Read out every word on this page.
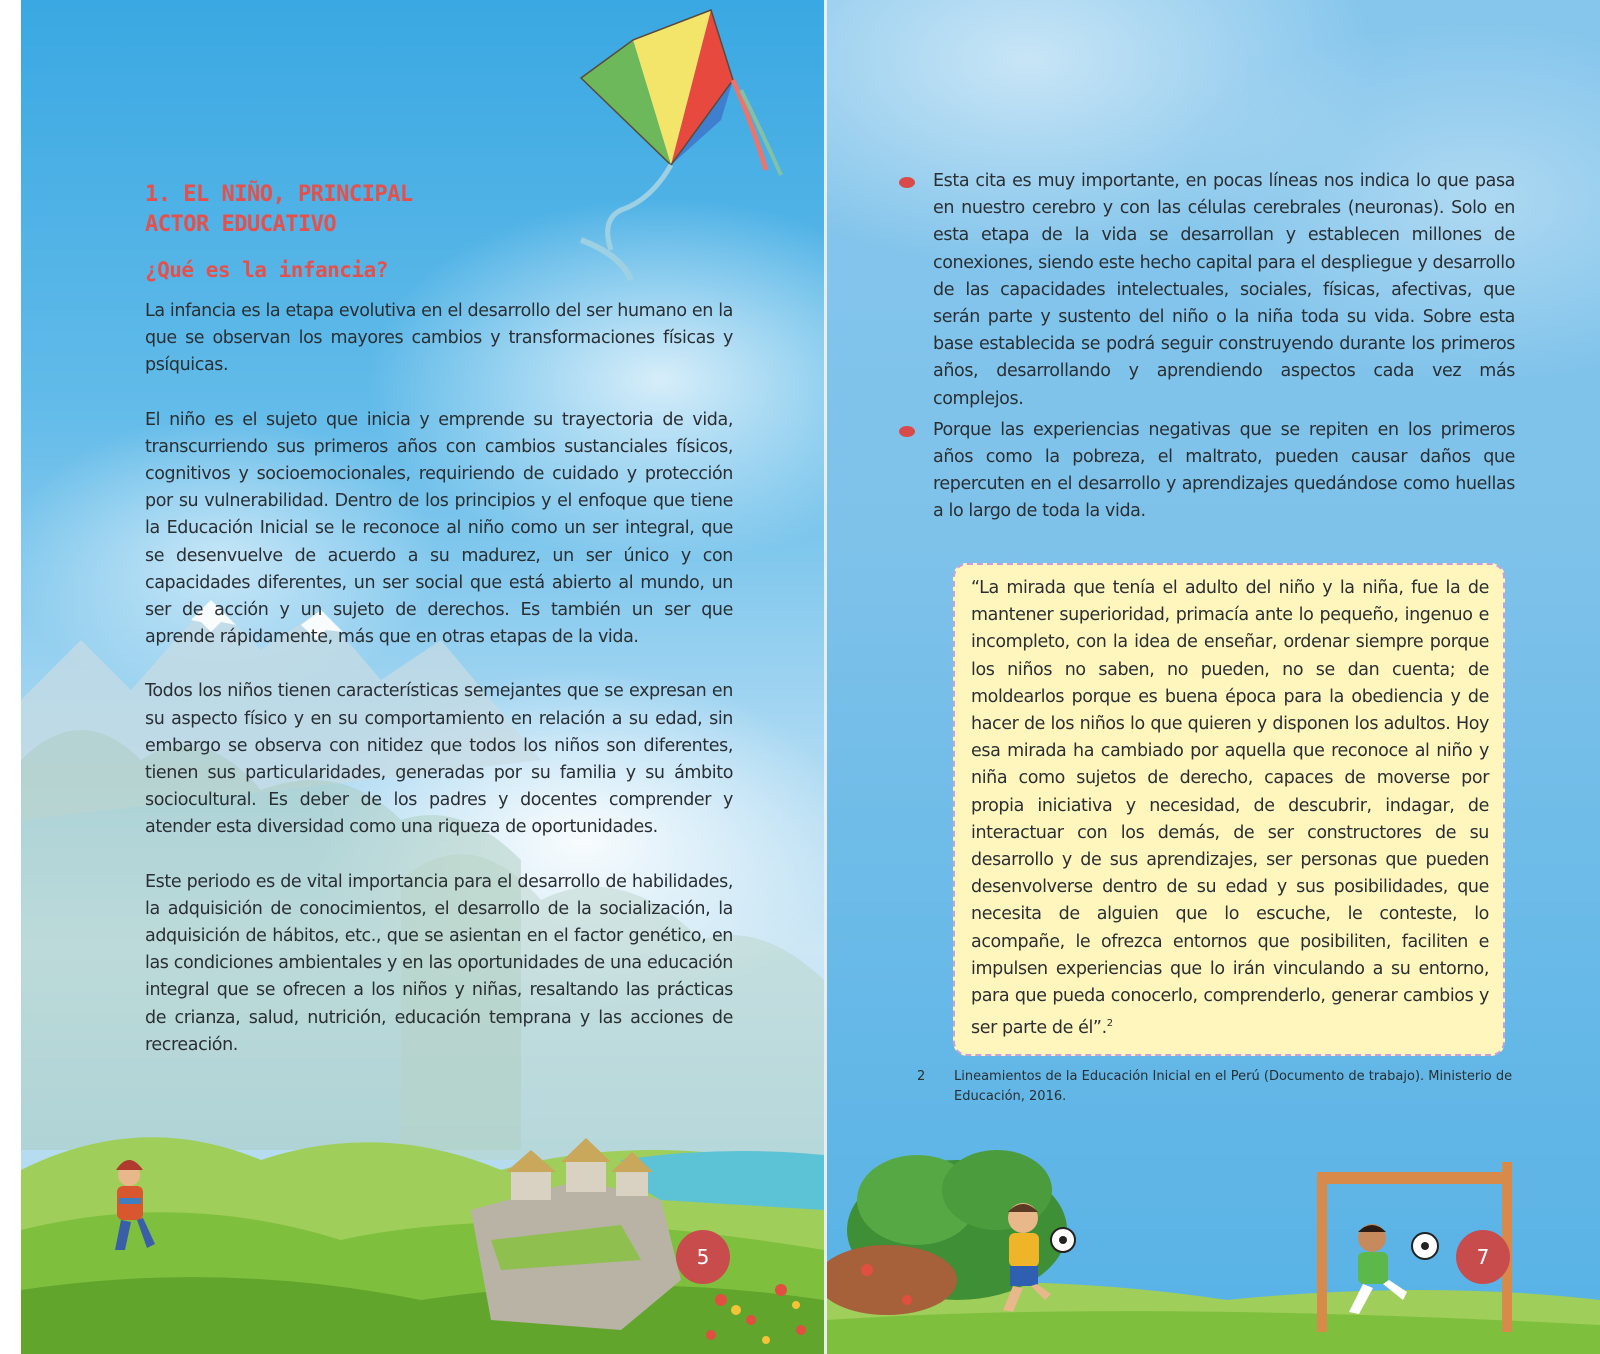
1. EL NIÑO, PRINCIPAL ACTOR EDUCATIVO
¿Qué es la infancia?

La infancia es la etapa evolutiva en el desarrollo del ser humano en la que se observan los mayores cambios y transformaciones físicas y psíquicas.

El niño es el sujeto que inicia y emprende su trayectoria de vida, transcurriendo sus primeros años con cambios sustanciales físicos, cognitivos y socioemocionales, requiriendo de cuidado y protección por su vulnerabilidad. Dentro de los principios y el enfoque que tiene la Educación Inicial se le reconoce al niño como un ser integral, que se desenvuelve de acuerdo a su madurez, un ser único y con capacidades diferentes, un ser social que está abierto al mundo, un ser de acción y un sujeto de derechos. Es también un ser que aprende rápidamente, más que en otras etapas de la vida.

Todos los niños tienen características semejantes que se expresan en su aspecto físico y en su comportamiento en relación a su edad, sin embargo se observa con nitidez que todos los niños son diferentes, tienen sus particularidades, generadas por su familia y su ámbito sociocultural. Es deber de los padres y docentes comprender y atender esta diversidad como una riqueza de oportunidades.

Este periodo es de vital importancia para el desarrollo de habilidades, la adquisición de conocimientos, el desarrollo de la socialización, la adquisición de hábitos, etc., que se asientan en el factor genético, en las condiciones ambientales y en las oportunidades de una educación integral que se ofrecen a los niños y niñas, resaltando las prácticas de crianza, salud, nutrición, educación temprana y las acciones de recreación.

5
Esta cita es muy importante, en pocas líneas nos indica lo que pasa en nuestro cerebro y con las células cerebrales (neuronas). Solo en esta etapa de la vida se desarrollan y establecen millones de conexiones, siendo este hecho capital para el despliegue y desarrollo de las capacidades intelectuales, sociales, físicas, afectivas, que serán parte y sustento del niño o la niña toda su vida. Sobre esta base establecida se podrá seguir construyendo durante los primeros años, desarrollando y aprendiendo aspectos cada vez más complejos.
Porque las experiencias negativas que se repiten en los primeros años como la pobreza, el maltrato, pueden causar daños que repercuten en el desarrollo y aprendizajes quedándose como huellas a lo largo de toda la vida.

“La mirada que tenía el adulto del niño y la niña, fue la de mantener superioridad, primacía ante lo pequeño, ingenuo e incompleto, con la idea de enseñar, ordenar siempre porque los niños no saben, no pueden, no se dan cuenta; de moldearlos porque es buena época para la obediencia y de hacer de los niños lo que quieren y disponen los adultos. Hoy esa mirada ha cambiado por aquella que reconoce al niño y niña como sujetos de derecho, capaces de moverse por propia iniciativa y necesidad, de descubrir, indagar, de interactuar con los demás, de ser constructores de su desarrollo y de sus aprendizajes, ser personas que pueden desenvolverse dentro de su edad y sus posibilidades, que necesita de alguien que lo escuche, le conteste, lo acompañe, le ofrezca entornos que posibiliten, faciliten e impulsen experiencias que lo irán vinculando a su entorno, para que pueda conocerlo, comprenderlo, generar cambios y ser parte de él”.$^2$

2 Lineamientos de la Educación Inicial en el Perú (Documento de trabajo). Ministerio de Educación, 2016.
7
